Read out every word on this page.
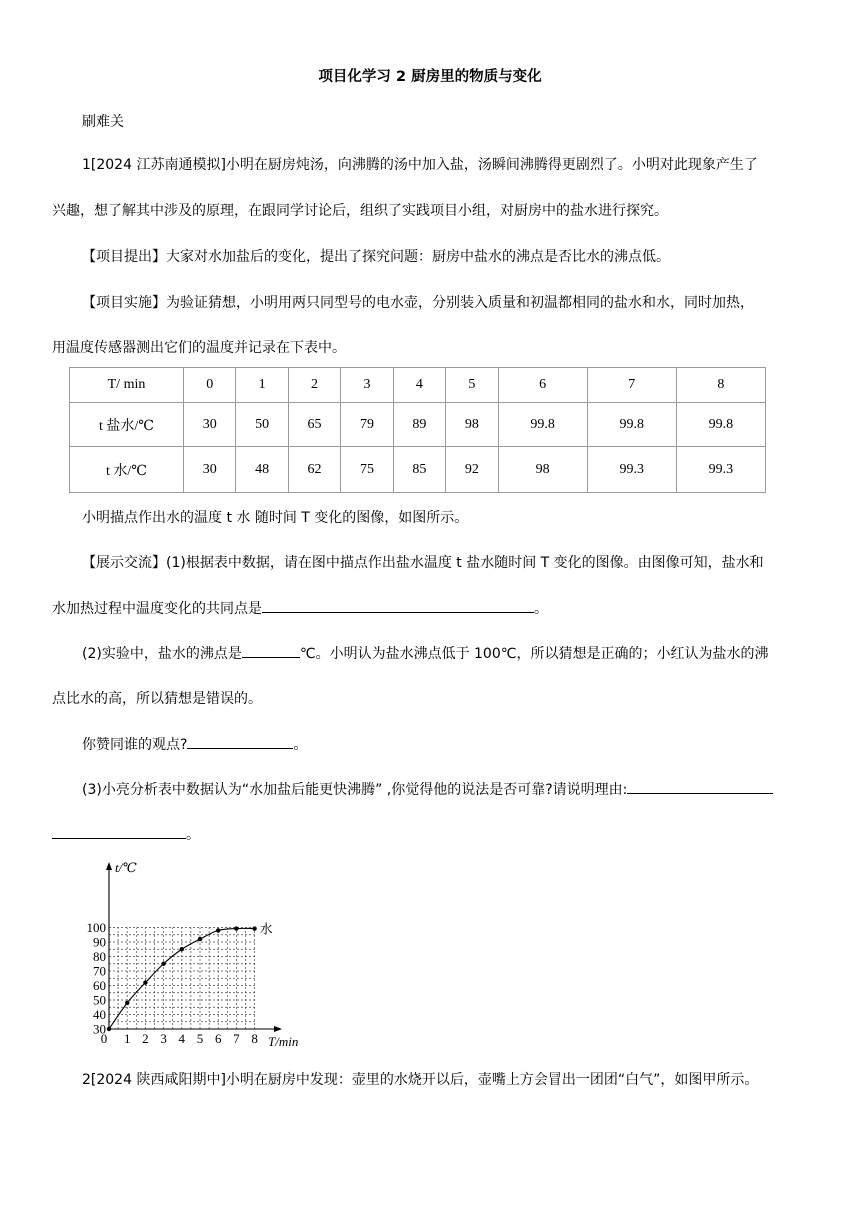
项目化学习 2 厨房里的物质与变化
刷难关
1[2024 江苏南通模拟]小明在厨房炖汤，向沸腾的汤中加入盐，汤瞬间沸腾得更剧烈了。小明对此现象产生了
兴趣，想了解其中涉及的原理，在跟同学讨论后，组织了实践项目小组，对厨房中的盐水进行探究。
【项目提出】大家对水加盐后的变化，提出了探究问题：厨房中盐水的沸点是否比水的沸点低。
【项目实施】为验证猜想，小明用两只同型号的电水壶，分别装入质量和初温都相同的盐水和水，同时加热，
用温度传感器测出它们的温度并记录在下表中。
T/ min	0	1	2	3	4	5	6	7	8
t 盐水/℃	30	50	65	79	89	98	99.8	99.8	99.8
t 水/℃	30	48	62	75	85	92	98	99.3	99.3
小明描点作出水的温度 t 水 随时间 T 变化的图像，如图所示。
【展示交流】(1)根据表中数据，请在图中描点作出盐水温度 t 盐水随时间 T 变化的图像。由图像可知，盐水和
水加热过程中温度变化的共同点是	。
(2)实验中，盐水的沸点是	℃。小明认为盐水沸点低于 100℃，所以猜想是正确的；小红认为盐水的沸
点比水的高，所以猜想是错误的。
你赞同谁的观点?	。
(3)小亮分析表中数据认为“水加盐后能更快沸腾” ,你觉得他的说法是否可靠?请说明理由:
。
0 1 2 3 4 5 6 7 8
30
40
50
60
70
80
90
100	水
t/℃
T/min
2[2024 陕西咸阳期中]小明在厨房中发现：壶里的水烧开以后，壶嘴上方会冒出一团团“白气”，如图甲所示。
